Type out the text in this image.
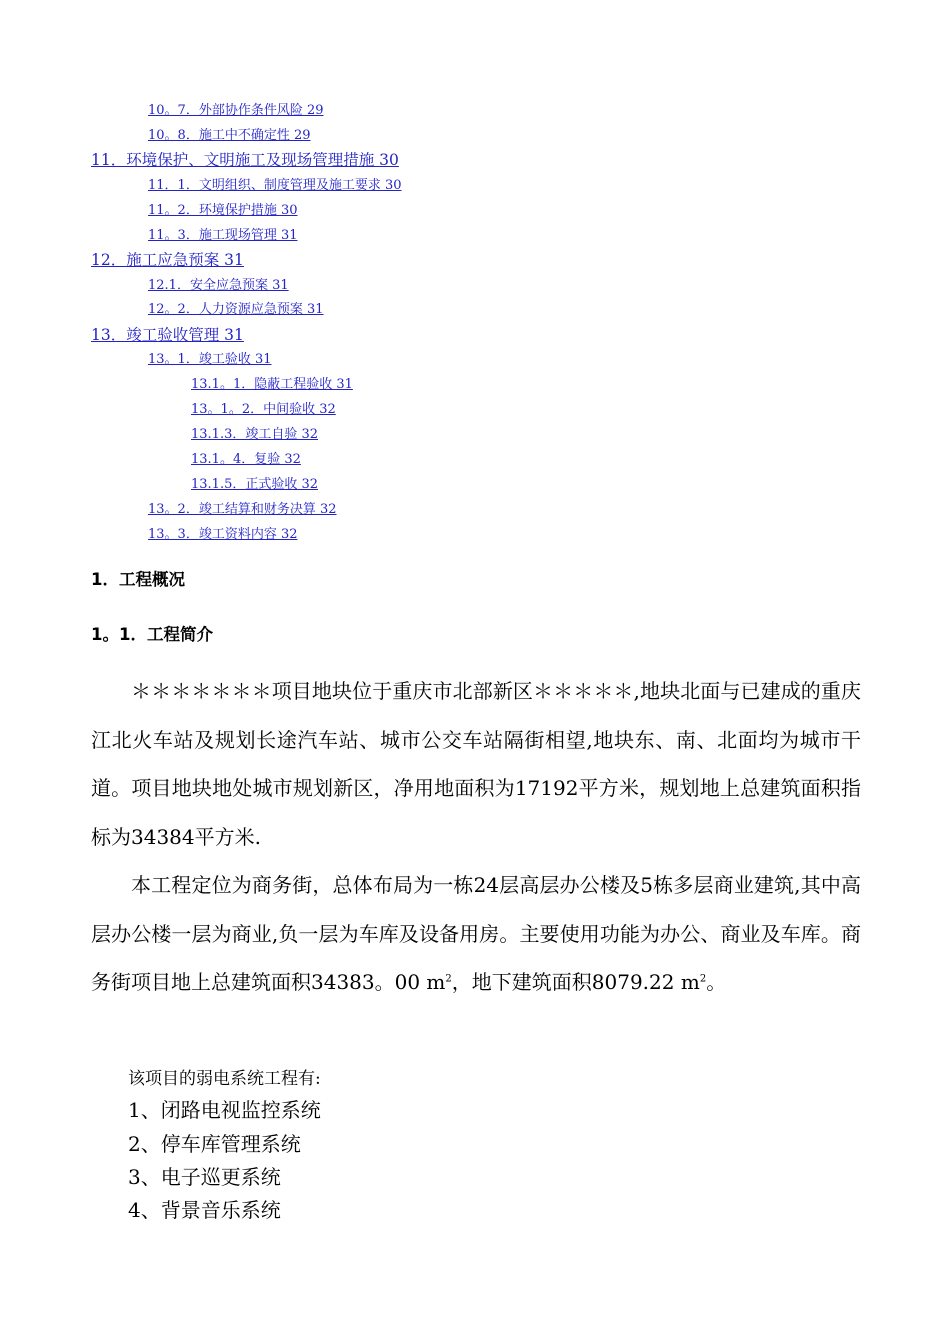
10。7．外部协作条件风险 29
10。8．施工中不确定性 29
11．环境保护、文明施工及现场管理措施 30
11．1．文明组织、制度管理及施工要求 30
11。2．环境保护措施 30
11。3．施工现场管理 31
12．施工应急预案 31
12.1．安全应急预案 31
12。2．人力资源应急预案 31
13．竣工验收管理 31
13。1．竣工验收 31
13.1。1．隐蔽工程验收 31
13。1。2．中间验收 32
13.1.3．竣工自验 32
13.1。4．复验 32
13.1.5．正式验收 32
13。2．竣工结算和财务决算 32
13。3．竣工资料内容 32
1．工程概况
1。1．工程简介

＊＊＊＊＊＊＊项目地块位于重庆市北部新区＊＊＊＊＊,地块北面与已建成的重庆江北火车站及规划长途汽车站、城市公交车站隔街相望,地块东、南、北面均为城市干道。项目地块地处城市规划新区，净用地面积为17192平方米，规划地上总建筑面积指标为34384平方米.

本工程定位为商务街，总体布局为一栋24层高层办公楼及5栋多层商业建筑,其中高层办公楼一层为商业,负一层为车库及设备用房。主要使用功能为办公、商业及车库。商务街项目地上总建筑面积34383。00 $m^2$，地下建筑面积8079.22 $m^2$。

该项目的弱电系统工程有:
1、闭路电视监控系统
2、停车库管理系统
3、电子巡更系统
4、背景音乐系统
